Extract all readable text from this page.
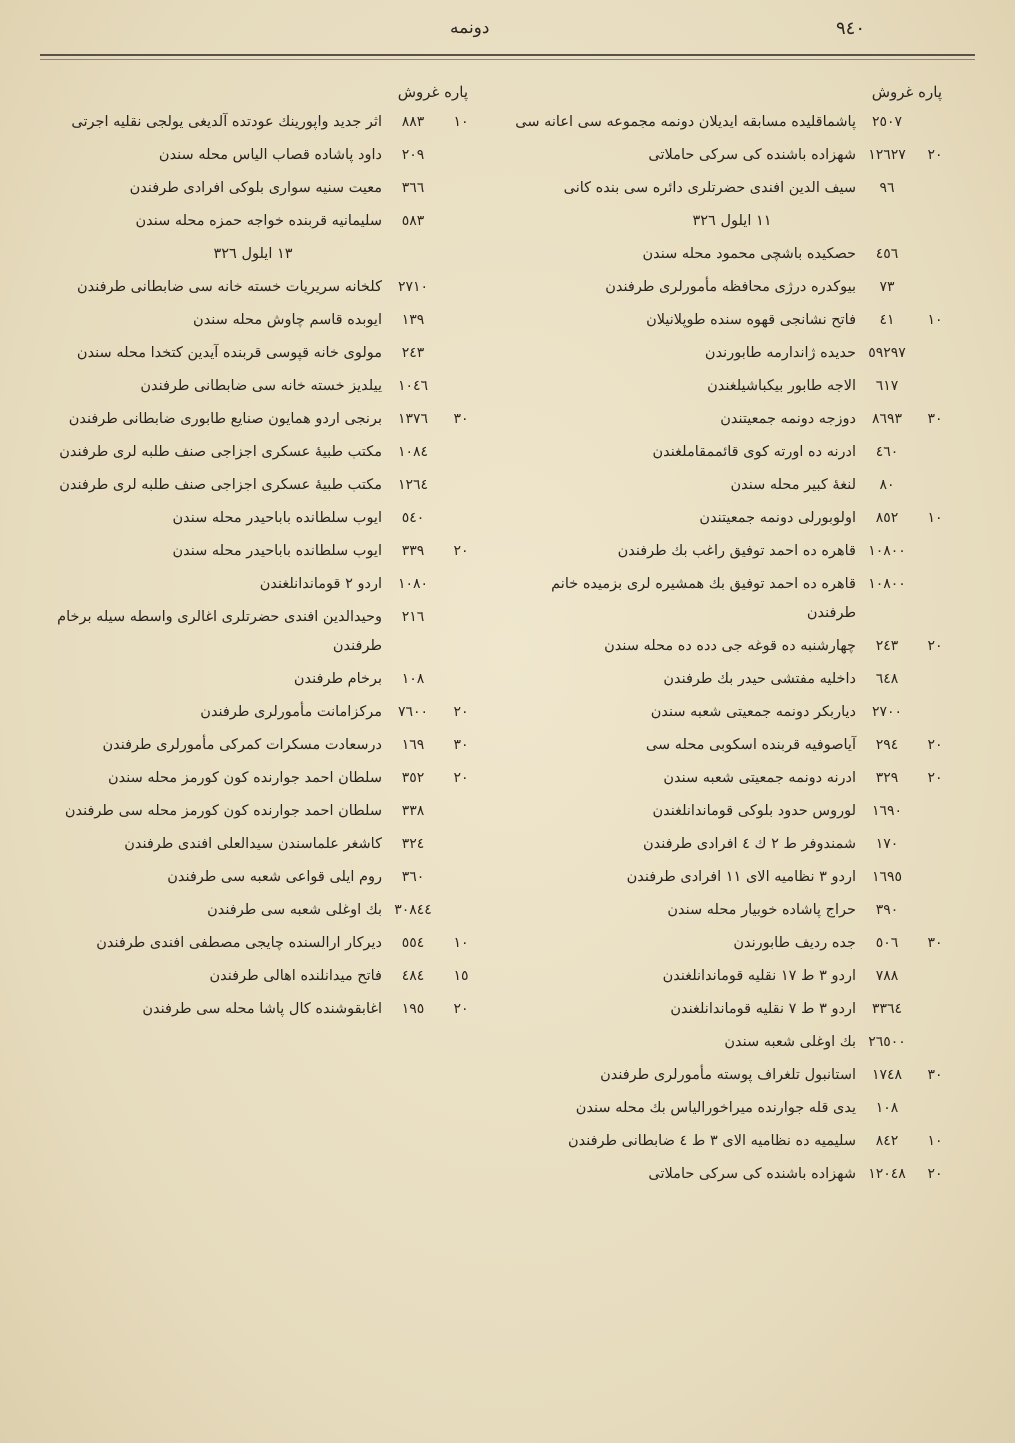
٩٤٠
دونمه
پاره غروش
٢٥٠٧
پاشماقلیده مسابقه ایدیلان دونمه مجموعه سی اعانه سی
٢٠
١٢٦٢٧
شهزاده باشنده کی سرکی حاملاتی
٩٦
سیف الدین افندی حضرتلری دائره سی بنده کانی
١١ ایلول ٣٢٦
٤٥٦
حصکیده باشچی محمود محله سندن
٧٣
بیوکدره درژی محافظه مأمورلری طرفندن
١٠
٤١
فاتح نشانجی قهوه سنده طوپلانیلان
٥٩٢٩٧
حدیده ژاندارمه طابورندن
٦١٧
الاجه طابور بیکباشیلغندن
٣٠
٨٦٩٣
دوزجه دونمه جمعیتندن
٤٦٠
ادرنه ده اورته کوی قائممقاملغندن
٨٠
لنغهٔ کبیر محله سندن
١٠
٨٥٢
اولوبورلی دونمه جمعیتندن
١٠٨٠٠
قاهره ده احمد توفیق راغب بك طرفندن
١٠٨٠٠
قاهره ده احمد توفیق بك همشیره لری بزمیده خانم طرفندن
٢٠
٢٤٣
چهارشنبه ده قوغه جی دده ده محله سندن
٦٤٨
داخلیه مفتشی حیدر بك طرفندن
٢٧٠٠
دیاربکر دونمه جمعیتی شعبه سندن
٢٠
٢٩٤
آیاصوفیه قربنده اسکوبی محله سی
٢٠
٣٢٩
ادرنه دونمه جمعیتی شعبه سندن
١٦٩٠
لوروس حدود بلوکی قوماندانلغندن
١٧٠
شمندوفر ط ٢ ك ٤ افرادی طرفندن
١٦٩٥
اردو ٣ نظامیه الای ١١ افرادی طرفندن
٣٩٠
حراج پاشاده خوبیار محله سندن
٣٠
٥٠٦
جده ردیف طابورندن
٧٨٨
اردو ٣ ط ١٧ نقلیه قوماندانلغندن
٣٣٦٤
اردو ٣ ط ٧ نقلیه قوماندانلغندن
٢٦٥٠٠
بك اوغلی شعبه سندن
٣٠
١٧٤٨
استانبول تلغراف پوسته مأمورلری طرفندن
١٠٨
یدی قله جوارنده میراخورالیاس بك محله سندن
١٠
٨٤٢
سلیمیه ده نظامیه الای ٣ ط ٤ ضابطانی طرفندن
٢٠
١٢٠٤٨
شهزاده باشنده کی سرکی حاملاتی
پاره غروش
١٠
٨٨٣
اثر جدید واپورینك عودتده آلدیغی یولجی نقلیه اجرتی
٢٠٩
داود پاشاده قصاب الیاس محله سندن
٣٦٦
معیت سنیه سواری بلوکی افرادی طرفندن
٥٨٣
سلیمانیه قربنده خواجه حمزه محله سندن
١٣ ایلول ٣٢٦
٢٧١٠
کلخانه سریریات خسته خانه سی ضابطانی طرفندن
١٣٩
ایوبده قاسم چاوش محله سندن
٢٤٣
مولوی خانه قپوسی قربنده آیدین کتخدا محله سندن
١٠٤٦
ییلدیز خسته خانه سی ضابطانی طرفندن
٣٠
١٣٧٦
برنجی اردو همایون صنایع طابوری ضابطانی طرفندن
١٠٨٤
مکتب طبیهٔ عسکری اجزاجی صنف طلبه لری طرفندن
١٢٦٤
مکتب طبیهٔ عسکری اجزاجی صنف طلبه لری طرفندن
٥٤٠
ایوب سلطانده باباحیدر محله سندن
٢٠
٣٣٩
ایوب سلطانده باباحیدر محله سندن
١٠٨٠
اردو ٢ قوماندانلغندن
٢١٦
وحیدالدین افندی حضرتلری اغالری واسطه سیله برخام طرفندن
١٠٨
برخام طرفندن
٢٠
٧٦٠٠
مرکزامانت مأمورلری طرفندن
٣٠
١٦٩
درسعادت مسکرات کمرکی مأمورلری طرفندن
٢٠
٣٥٢
سلطان احمد جوارنده کون کورمز محله سندن
٣٣٨
سلطان احمد جوارنده کون کورمز محله سی طرفندن
٣٢٤
کاشغر علماسندن سیدالعلی افندی طرفندن
٣٦٠
روم ایلی قواعی شعبه سی طرفندن
٣٠٨٤٤
بك اوغلی شعبه سی طرفندن
١٠
٥٥٤
دیرکار ارالسنده چایجی مصطفی افندی طرفندن
١٥
٤٨٤
فاتح میدانلنده اهالی طرفندن
٢٠
١٩٥
اغابقوشنده کال پاشا محله سی طرفندن
